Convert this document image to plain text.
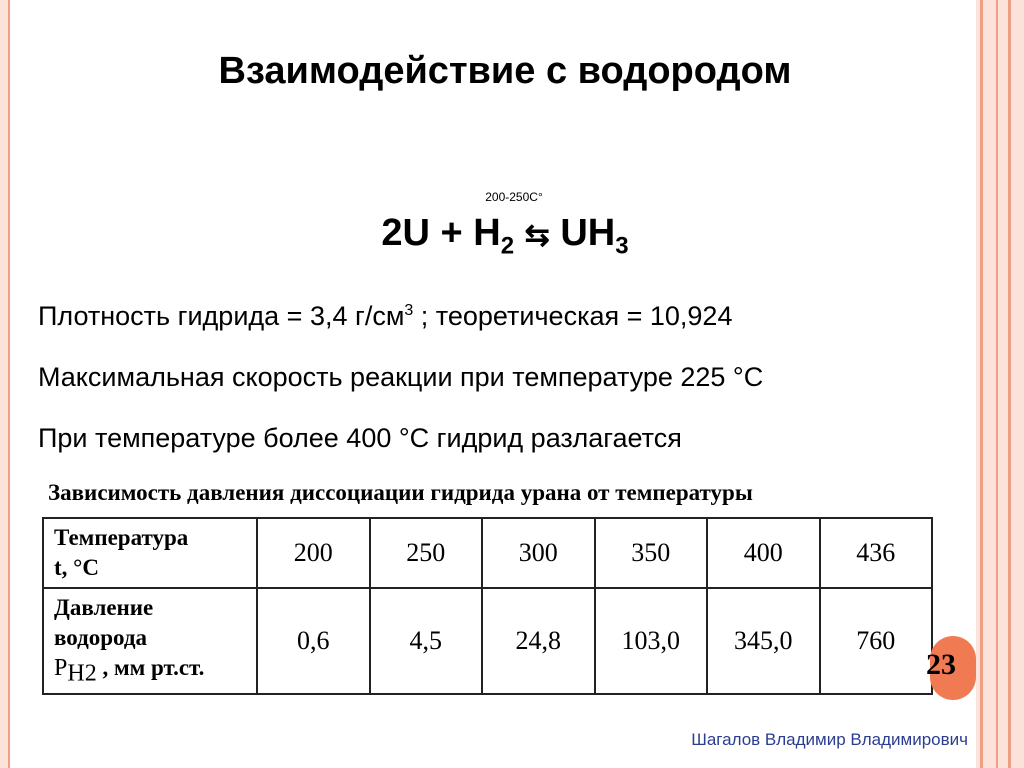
Взаимодействие с водородом
200-250С°
$2U + H_2$ ⇆ $UH_3$
Плотность гидрида = 3,4 $г/см^3$ ; теоретическая = 10,924
Максимальная скорость реакции при температуре 225 °С
При температуре более 400 °С гидрид разлагается
Зависимость давления диссоциации гидрида урана от температуры
Температура
t, °С	200	250	300	350	400	436

Давление
водорода
$P_{H2}$ , мм рт.ст.	0,6	4,5	24,8	103,0	345,0	760
23
Шагалов Владимир Владимирович
